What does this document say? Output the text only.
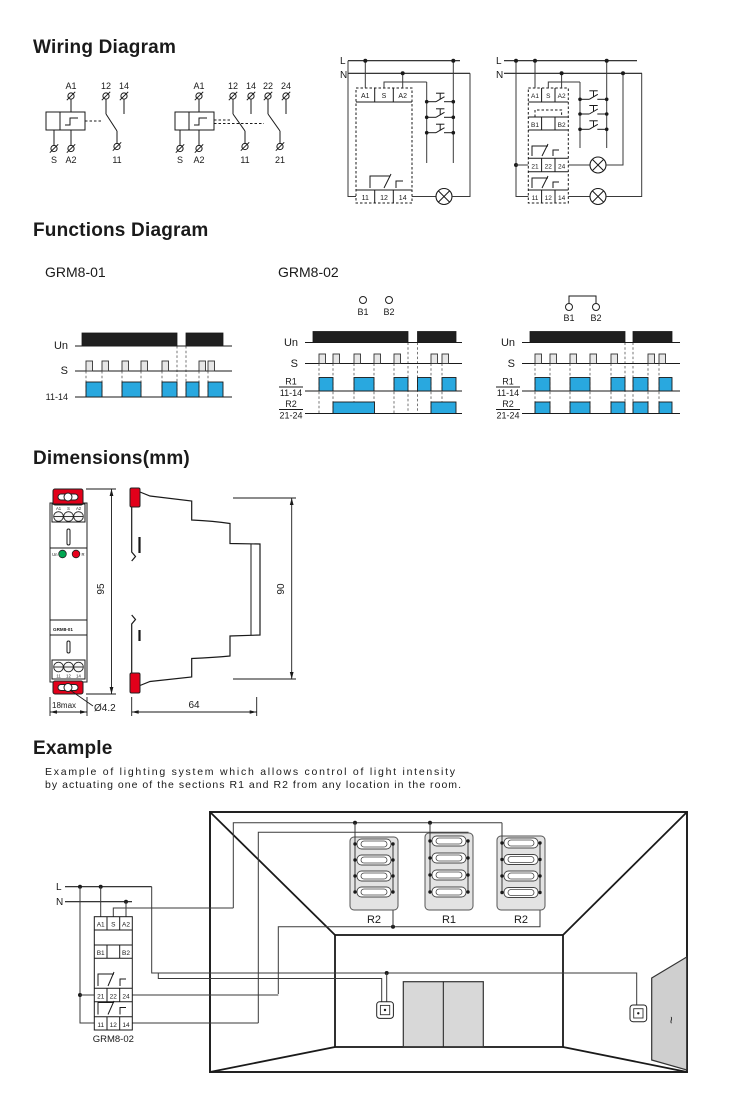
Wiring Diagram
A1
S A2
12
11
14	A1
S A2
12
11
14 22
21
24
L
N
A1 S A2
11 12 14
L
N
A1 S A2
B1	B2
21 22 24
11 12 14
Functions Diagram
GRM8-01	GRM8-02
Un
S
11-14
B1 B2
Un
S
R1
11-14
R2
21-24
B1 B2
Un
S
R1
11-14
R2
21-24
Dimensions(mm)
A1 S A2
Un	R
GRM8-01
11 12 14
95
18max Ø4.2
90
64
Example
Example of lighting system which allows control of light intensity
by actuating one of the sections R1 and R2 from any location in the room.
R2	R1	R2
~
L
N
A1 S A2
B1	B2
21 22 24
11 12 14
GRM8-02
